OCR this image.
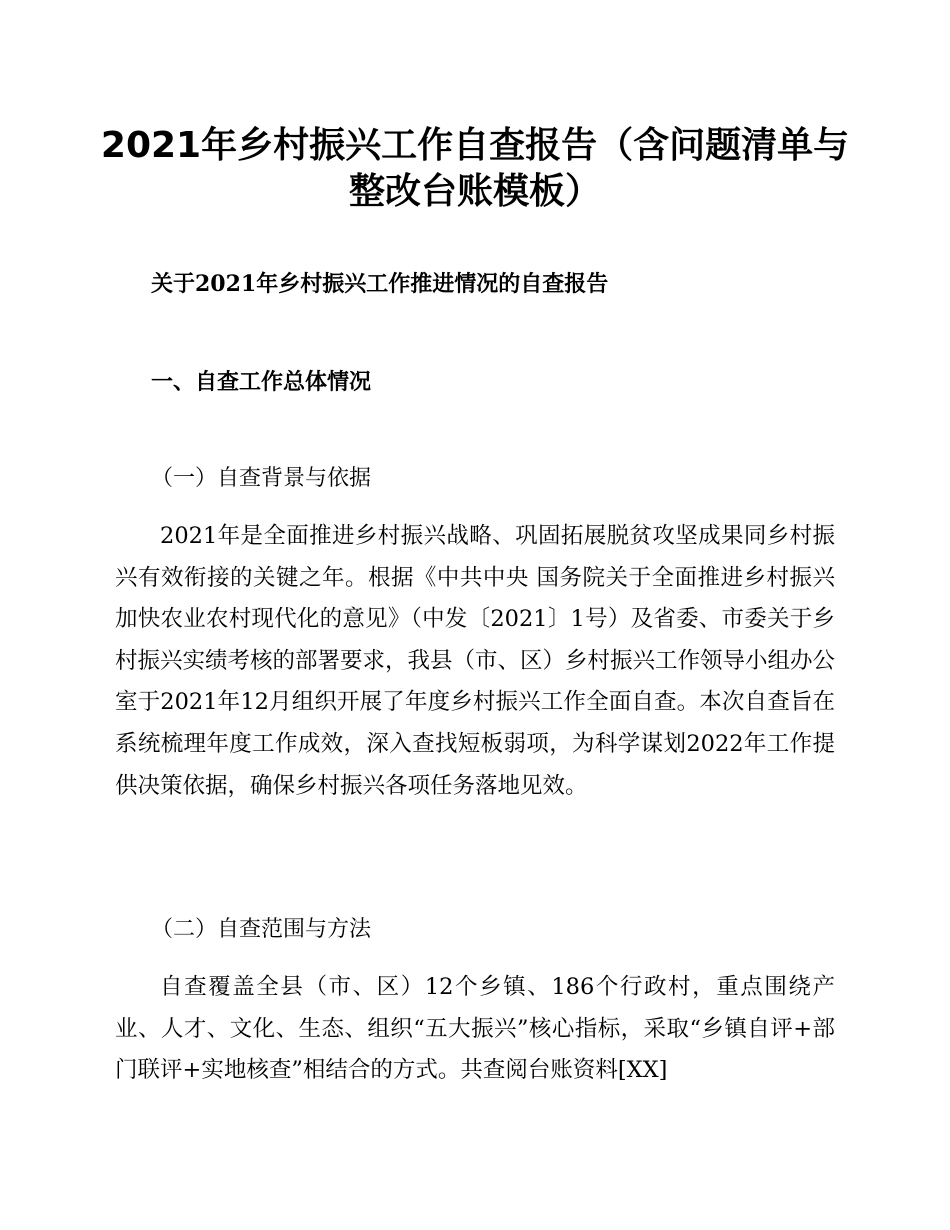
2021年乡村振兴工作自查报告（含问题清单与
整改台账模板）
关于2021年乡村振兴工作推进情况的自查报告
一、自查工作总体情况
（一）自查背景与依据

2021年是全面推进乡村振兴战略、巩固拓展脱贫攻坚成果同乡村振兴有效衔接的关键之年。根据《中共中央 国务院关于全面推进乡村振兴加快农业农村现代化的意见》（中发〔2021〕1号）及省委、市委关于乡村振兴实绩考核的部署要求，我县（市、区）乡村振兴工作领导小组办公室于2021年12月组织开展了年度乡村振兴工作全面自查。本次自查旨在系统梳理年度工作成效，深入查找短板弱项，为科学谋划2022年工作提供决策依据，确保乡村振兴各项任务落地见效。

（二）自查范围与方法

自查覆盖全县（市、区）12个乡镇、186个行政村，重点围绕产业、人才、文化、生态、组织“五大振兴”核心指标，采取“乡镇自评+部门联评+实地核查”相结合的方式。共查阅台账资料[XX]
